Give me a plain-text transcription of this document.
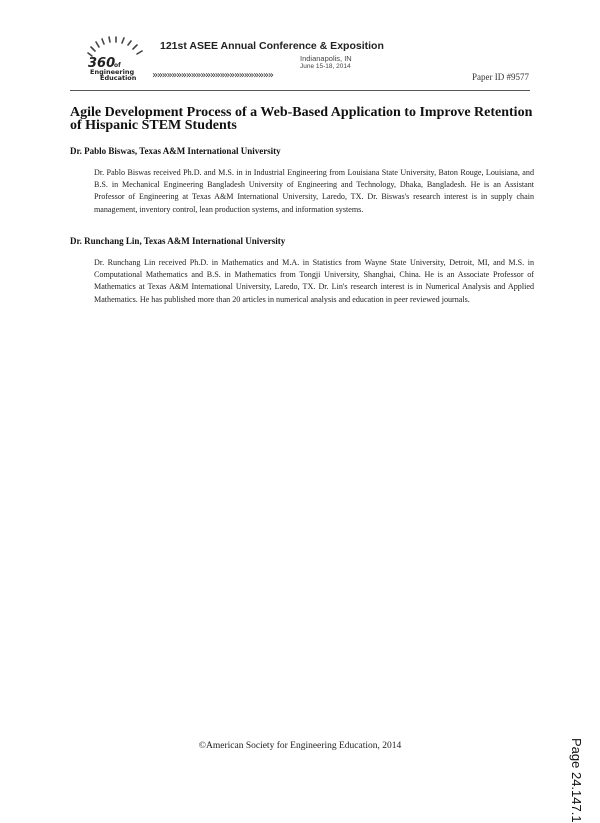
360
of
Engineering
Education
121st ASEE Annual Conference & Exposition
Indianapolis, IN
June 15-18, 2014
»»»»»»»»»»»»»»»»»»»»»»»»»	Paper ID #9577
Agile Development Process of a Web-Based Application to Improve Retention of Hispanic STEM Students
Dr. Pablo Biswas, Texas A&M International University
Dr. Pablo Biswas received Ph.D. and M.S. in in Industrial Engineering from Louisiana State University, Baton Rouge, Louisiana, and B.S. in Mechanical Engineering Bangladesh University of Engineering and Technology, Dhaka, Bangladesh. He is an Assistant Professor of Engineering at Texas A&M International University, Laredo, TX. Dr. Biswas's research interest is in supply chain management, inventory control, lean production systems, and information systems.
Dr. Runchang Lin, Texas A&M International University
Dr. Runchang Lin received Ph.D. in Mathematics and M.A. in Statistics from Wayne State University, Detroit, MI, and M.S. in Computational Mathematics and B.S. in Mathematics from Tongji University, Shanghai, China. He is an Associate Professor of Mathematics at Texas A&M International University, Laredo, TX. Dr. Lin's research interest is in Numerical Analysis and Applied Mathematics. He has published more than 20 articles in numerical analysis and education in peer reviewed journals.
©American Society for Engineering Education, 2014	Page 24.147.1
